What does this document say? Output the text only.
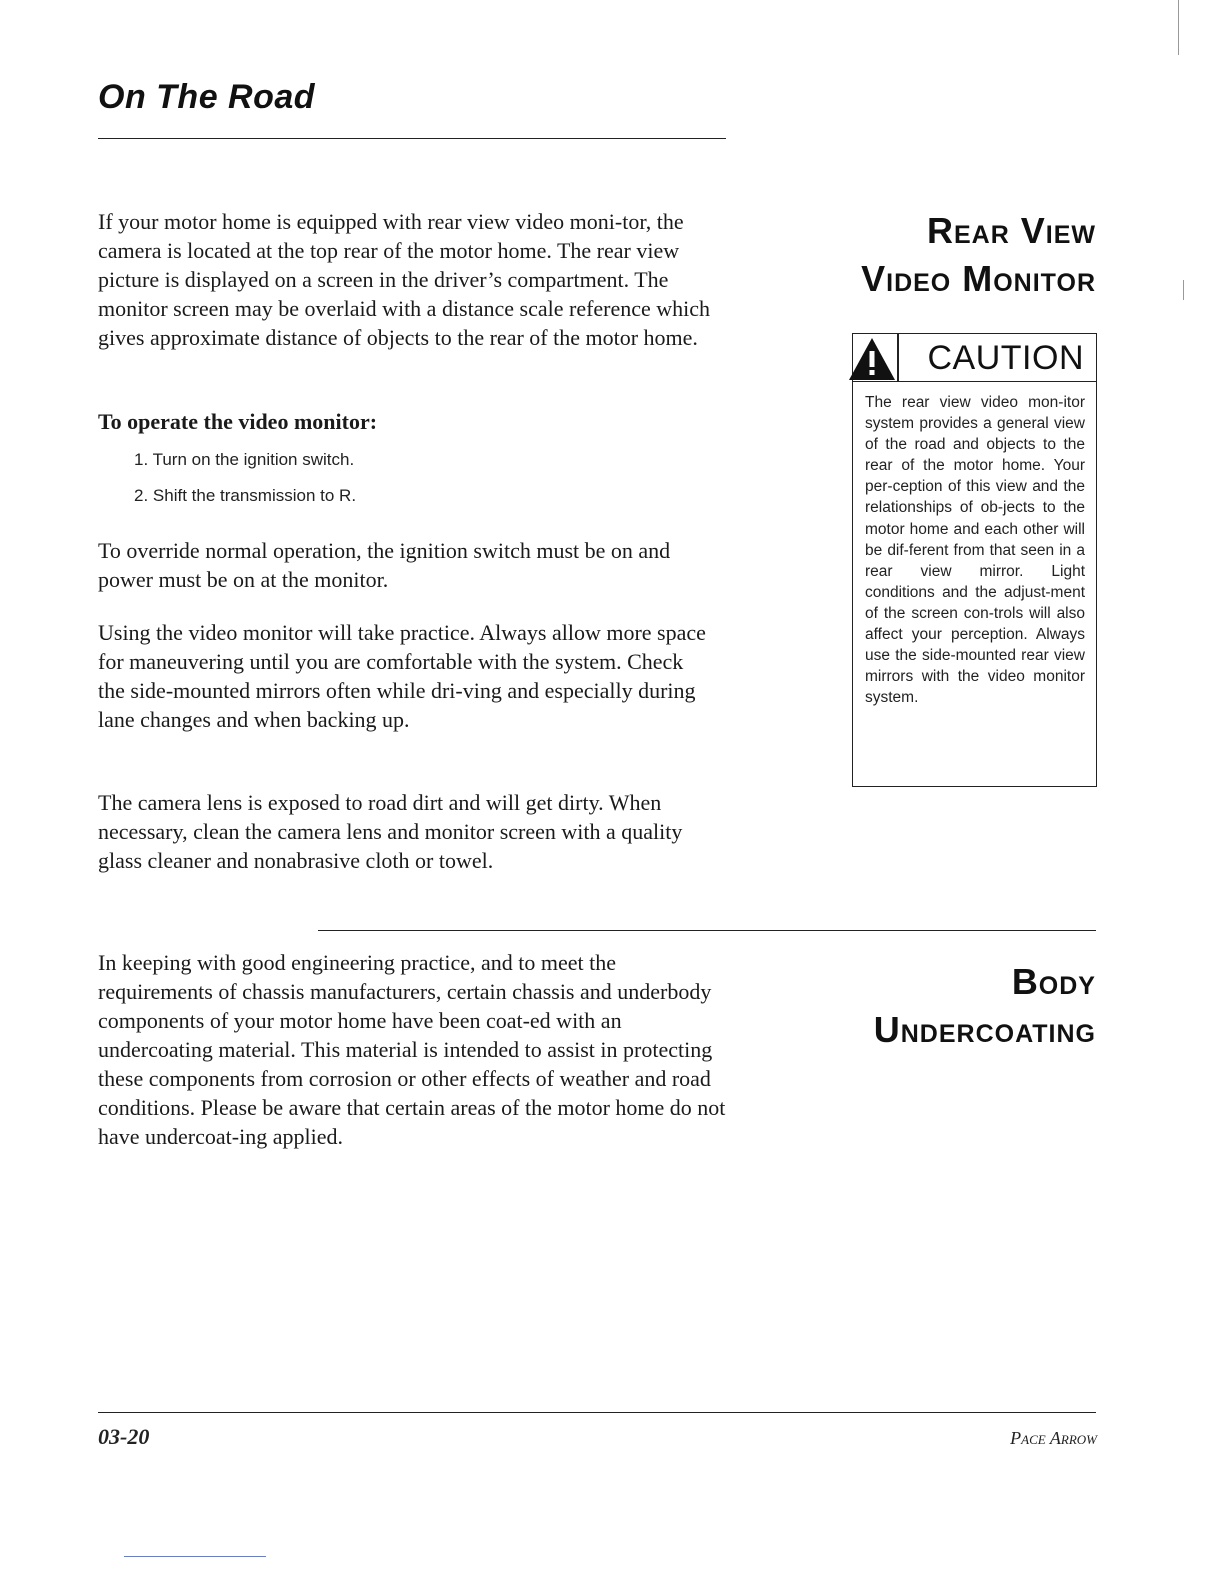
On The Road
If your motor home is equipped with rear view video moni-tor, the camera is located at the top rear of the motor home. The rear view picture is displayed on a screen in the driver’s compartment. The monitor screen may be overlaid with a distance scale reference which gives approximate distance of objects to the rear of the motor home.
To operate the video monitor:
1. Turn on the ignition switch.
2. Shift the transmission to R.
To override normal operation, the ignition switch must be on and power must be on at the monitor.
Using the video monitor will take practice. Always allow more space for maneuvering until you are comfortable with the system. Check the side-mounted mirrors often while dri-ving and especially during lane changes and when backing up.
The camera lens is exposed to road dirt and will get dirty. When necessary, clean the camera lens and monitor screen with a quality glass cleaner and nonabrasive cloth or towel.
Rear View
Video Monitor
CAUTION
The rear view video mon-itor system provides a general view of the road and objects to the rear of the motor home. Your per-ception of this view and the relationships of ob-jects to the motor home and each other will be dif-ferent from that seen in a rear view mirror. Light conditions and the adjust-ment of the screen con-trols will also affect your perception. Always use the side-mounted rear view mirrors with the video monitor system.
In keeping with good engineering practice, and to meet the requirements of chassis manufacturers, certain chassis and underbody components of your motor home have been coat-ed with an undercoating material. This material is intended to assist in protecting these components from corrosion or other effects of weather and road conditions. Please be aware that certain areas of the motor home do not have undercoat-ing applied.
Body
Undercoating
03-20	Pace Arrow
